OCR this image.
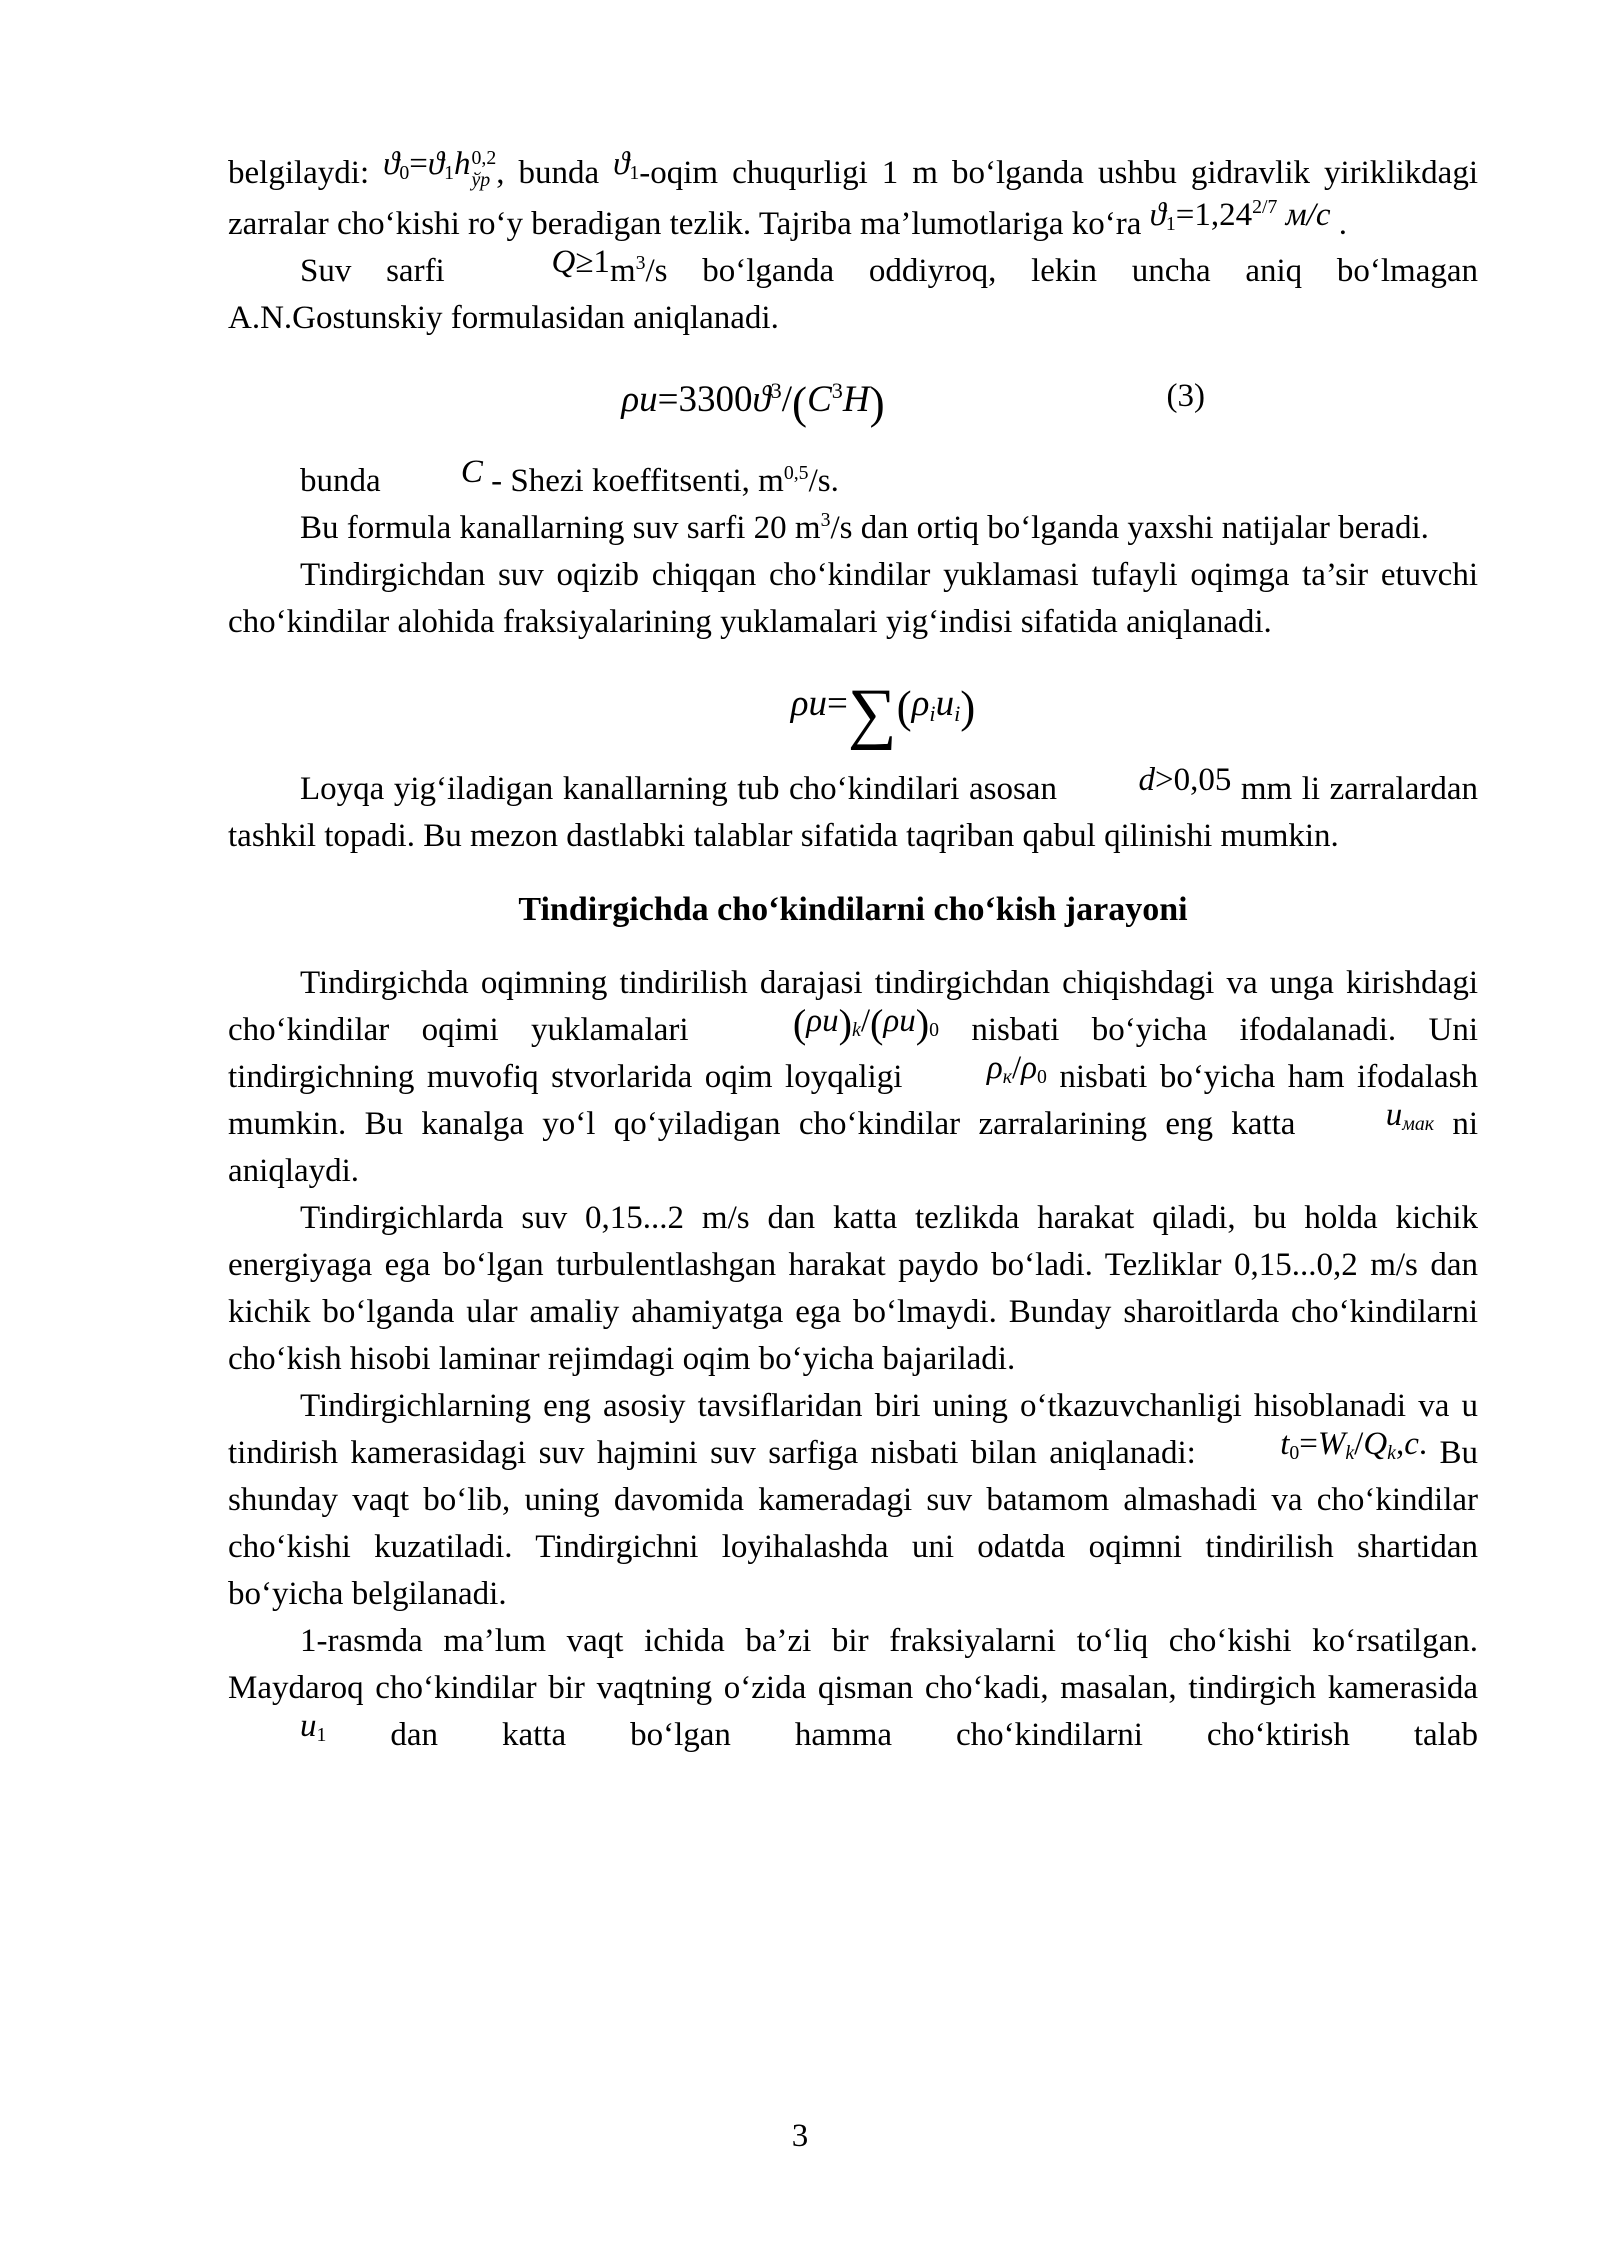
belgilaydi: $ϑ_0=ϑ_1h$ 0,2
ўр , bunda $ϑ_1$-oqim chuqurligi 1 m bo‘lganda ushbu gidravlik yiriklikdagi zarralar cho‘kishi ro‘y beradigan tezlik. Tajriba ma’lumotlariga ko‘ra $ϑ_1=1,24^{2/7}$ м/с .

Suv sarfi $Q\ge 1m^3/s$ bo‘lganda oddiyroq, lekin uncha aniq bo‘lmagan A.N.Gostunskiy formulasidan aniqlanadi.

$\rho u=3300ϑ^3/(C^3H)$	(3)

bunda C - Shezi koeffitsenti, $m^{0,5}/s$.

Bu formula kanallarning suv sarfi 20 $m^3/s$ dan ortiq bo‘lganda yaxshi natijalar beradi.

Tindirgichdan suv oqizib chiqqan cho‘kindilar yuklamasi tufayli oqimga ta’sir etuvchi cho‘kindilar alohida fraksiyalarining yuklamalari yig‘indisi sifatida aniqlanadi.

$\rho u=\sum(\rho_iu_i)$

Loyqa yig‘iladigan kanallarning tub cho‘kindilari asosan d>0,05 mm li zarralardan tashkil topadi. Bu mezon dastlabki talablar sifatida taqriban qabul qilinishi mumkin.

Tindirgichda cho‘kindilarni cho‘kish jarayoni

Tindirgichda oqimning tindirilish darajasi tindirgichdan chiqishdagi va unga kirishdagi cho‘kindilar oqimi yuklamalari $(\rho u)_k/(\rho u)_0$ nisbati bo‘yicha ifodalanadi. Uni tindirgichning muvofiq stvorlarida oqim loyqaligi $\rho_к/\rho_0$ nisbati bo‘yicha ham ifodalash mumkin. Bu kanalga yo‘l qo‘yiladigan cho‘kindilar zarralarining eng katta $u_{мак}$ ni aniqlaydi.

Tindirgichlarda suv 0,15...2 m/s dan katta tezlikda harakat qiladi, bu holda kichik energiyaga ega bo‘lgan turbulentlashgan harakat paydo bo‘ladi. Tezliklar 0,15...0,2 m/s dan kichik bo‘lganda ular amaliy ahamiyatga ega bo‘lmaydi. Bunday sharoitlarda cho‘kindilarni cho‘kish hisobi laminar rejimdagi oqim bo‘yicha bajariladi.

Tindirgichlarning eng asosiy tavsiflaridan biri uning o‘tkazuvchanligi hisoblanadi va u tindirish kamerasidagi suv hajmini suv sarfiga nisbati bilan aniqlanadi: $t_0=W_k/Q_k,c$. Bu shunday vaqt bo‘lib, uning davomida kameradagi suv batamom almashadi va cho‘kindilar cho‘kishi kuzatiladi. Tindirgichni loyihalashda uni odatda oqimni tindirilish shartidan bo‘yicha belgilanadi.

1-rasmda ma’lum vaqt ichida ba’zi bir fraksiyalarni to‘liq cho‘kishi ko‘rsatilgan. Maydaroq cho‘kindilar bir vaqtning o‘zida qisman cho‘kadi, masalan, tindirgich kamerasida $u_1$ dan katta bo‘lgan hamma cho‘kindilarni cho‘ktirish talab

3
